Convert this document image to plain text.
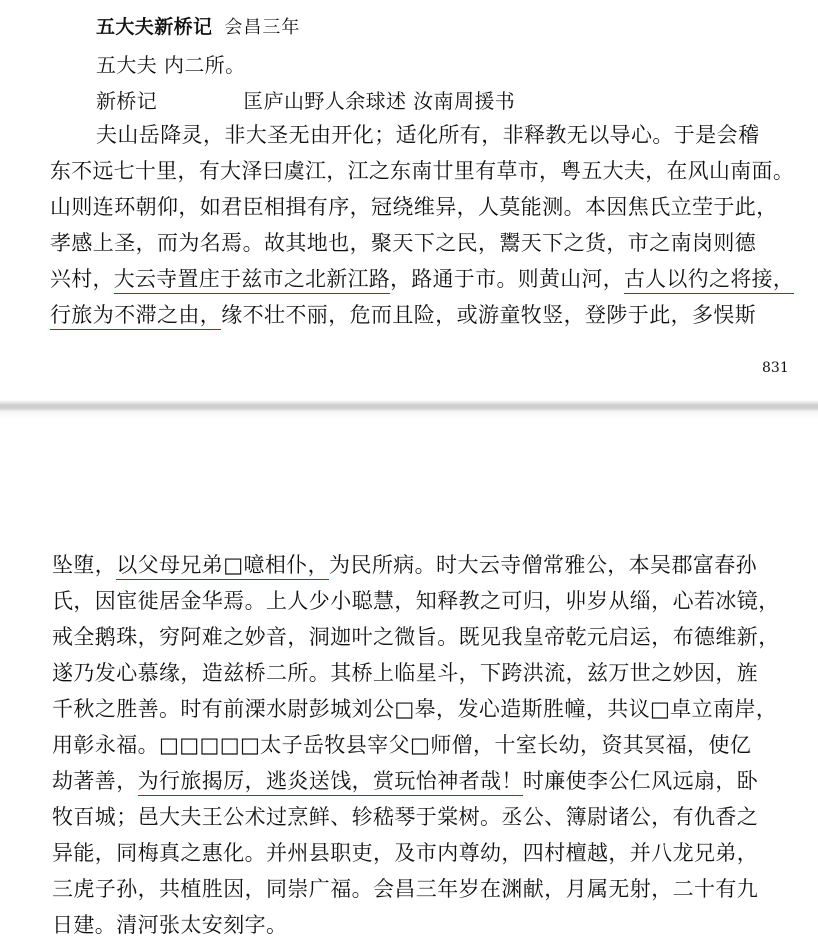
五大夫新桥记 会昌三年
五大夫 内二所。
新桥记	匡庐山野人余球述 汝南周援书
夫山岳降灵，非大圣无由开化；适化所有，非释教无以导心。于是会稽
东不远七十里，有大泽曰虞江，江之东南廿里有草市，粤五大夫，在风山南面。
山则连环朝仰，如君臣相揖有序，冠绕维异，人莫能测。本因焦氏立茔于此，
孝感上圣，而为名焉。故其地也，聚天下之民，鬻天下之货，市之南岗则德
兴村，大云寺置庄于兹市之北新江路，路通于市。则黄山河，古人以彴之将接，
行旅为不滞之由，缘不壮不丽，危而且险，或游童牧竖，登陟于此，多悮斯
831
坠堕，以父母兄弟□噫相仆，为民所病。时大云寺僧常雅公，本吴郡富春孙
氏，因宦徙居金华焉。上人少小聪慧，知释教之可归，丱岁从缁，心若冰镜，
戒全鹅珠，穷阿难之妙音，洞迦叶之微旨。既见我皇帝乾元启运，布德维新，
遂乃发心慕缘，造兹桥二所。其桥上临星斗，下跨洪流，兹万世之妙因，旌
千秋之胜善。时有前溧水尉彭城刘公□皋，发心造斯胜幢，共议□卓立南岸，
用彰永福。□□□□□太子岳牧县宰父□师僧，十室长幼，资其冥福，使亿
劫著善，为行旅揭厉，逃炎送饯，赏玩怡神者哉！时廉使李公仁风远扇，卧
牧百城；邑大夫王公术过烹鲜、轸嵇琴于棠树。丞公、簿尉诸公，有仇香之
异能，同梅真之惠化。并州县职吏，及市内尊幼，四村檀越，并八龙兄弟，
三虎子孙，共植胜因，同崇广福。会昌三年岁在渊献，月属无射，二十有九
日建。清河张太安刻字。
